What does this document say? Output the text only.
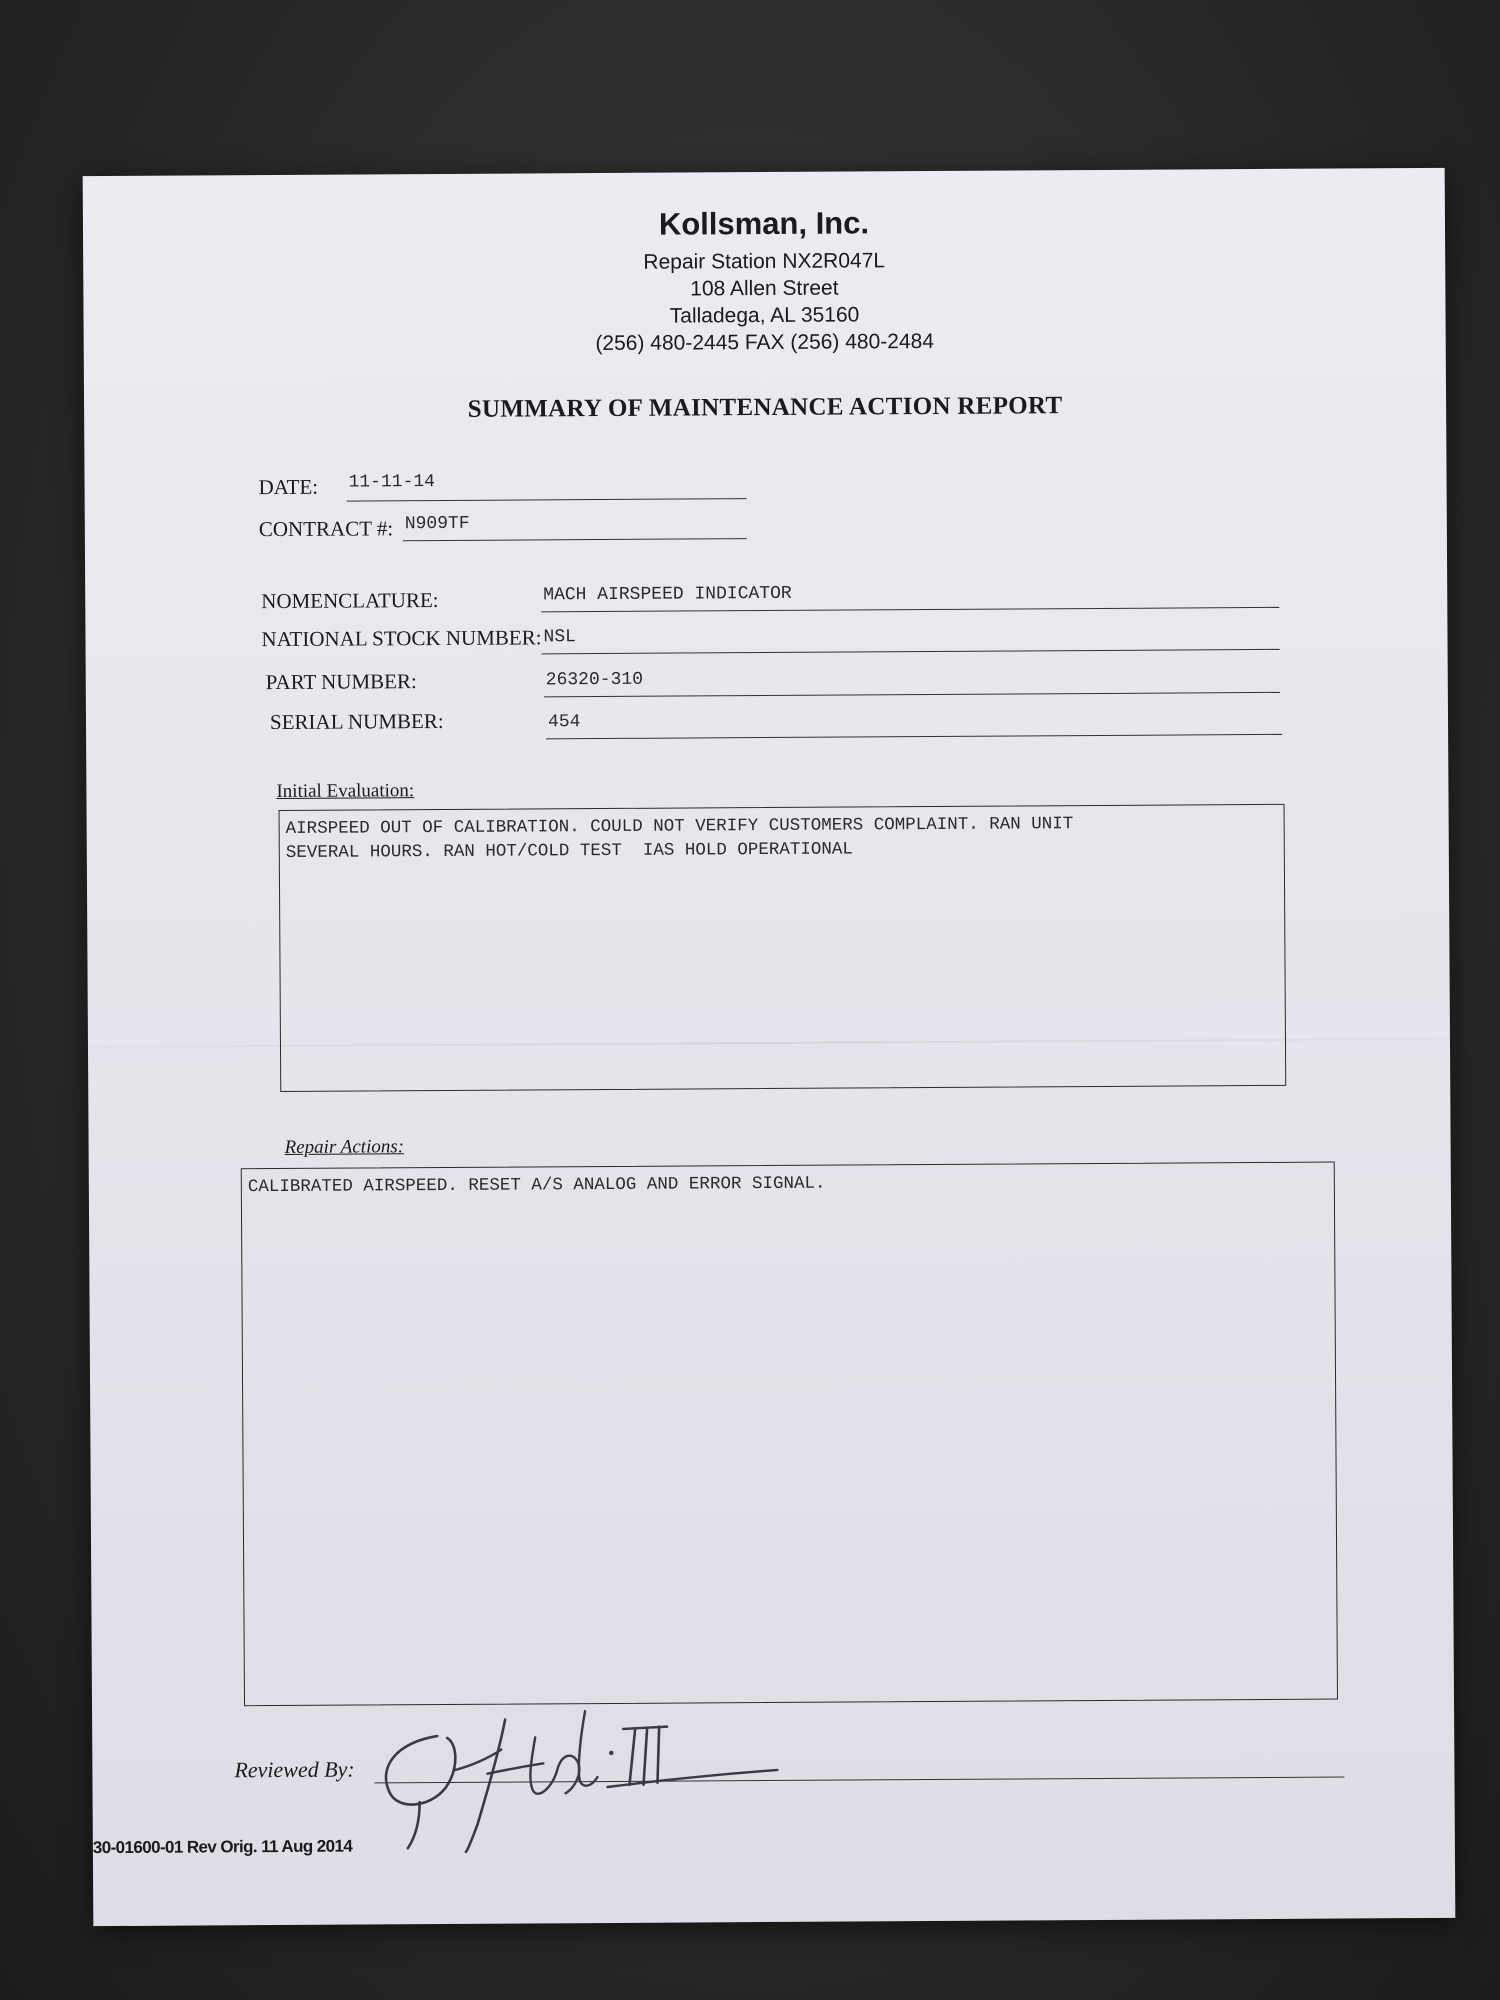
Kollsman, Inc.
Repair Station NX2R047L
108 Allen Street
Talladega, AL 35160
(256) 480-2445 FAX (256) 480-2484
SUMMARY OF MAINTENANCE ACTION REPORT
DATE: 11-11-14
CONTRACT #: N909TF
NOMENCLATURE:	MACH AIRSPEED INDICATOR
NATIONAL STOCK NUMBER: NSL
PART NUMBER:	26320-310
SERIAL NUMBER:	454
Initial Evaluation:
AIRSPEED OUT OF CALIBRATION. COULD NOT VERIFY CUSTOMERS COMPLAINT. RAN UNIT
SEVERAL HOURS. RAN HOT/COLD TEST  IAS HOLD OPERATIONAL
Repair Actions:
CALIBRATED AIRSPEED. RESET A/S ANALOG AND ERROR SIGNAL.
Reviewed By:
30-01600-01 Rev Orig. 11 Aug 2014
